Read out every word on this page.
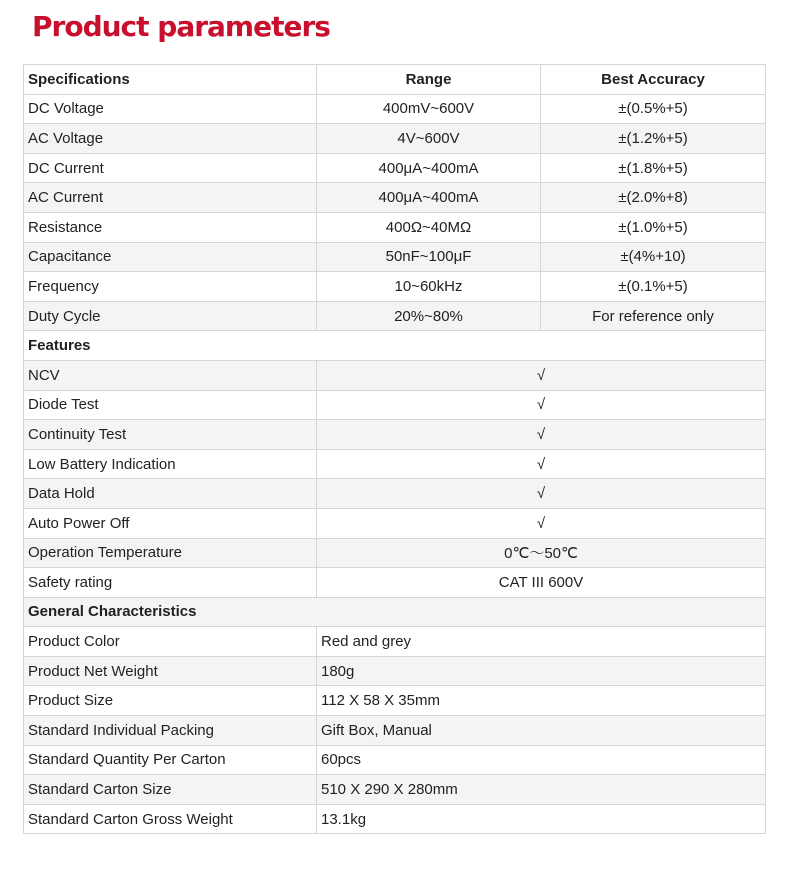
Product parameters
Specifications	Range	Best Accuracy
DC Voltage	400mV~600V	±(0.5%+5)
AC Voltage	4V~600V	±(1.2%+5)
DC Current	400μA~400mA	±(1.8%+5)
AC Current	400μA~400mA	±(2.0%+8)
Resistance	400Ω~40MΩ	±(1.0%+5)
Capacitance	50nF~100μF	±(4%+10)
Frequency	10~60kHz	±(0.1%+5)
Duty Cycle	20%~80%	For reference only
Features		
NCV	√	
Diode Test	√	
Continuity Test	√	
Low Battery Indication	√	
Data Hold	√	
Auto Power Off	√	
Operation Temperature	0℃～50℃	
Safety rating	CAT III 600V	
General Characteristics		
Product Color	Red and grey	
Product Net Weight	180g	
Product Size	112 X 58 X 35mm	
Standard Individual Packing	Gift Box, Manual	
Standard Quantity Per Carton	60pcs	
Standard Carton Size	510 X 290 X 280mm	
Standard Carton Gross Weight	13.1kg	
